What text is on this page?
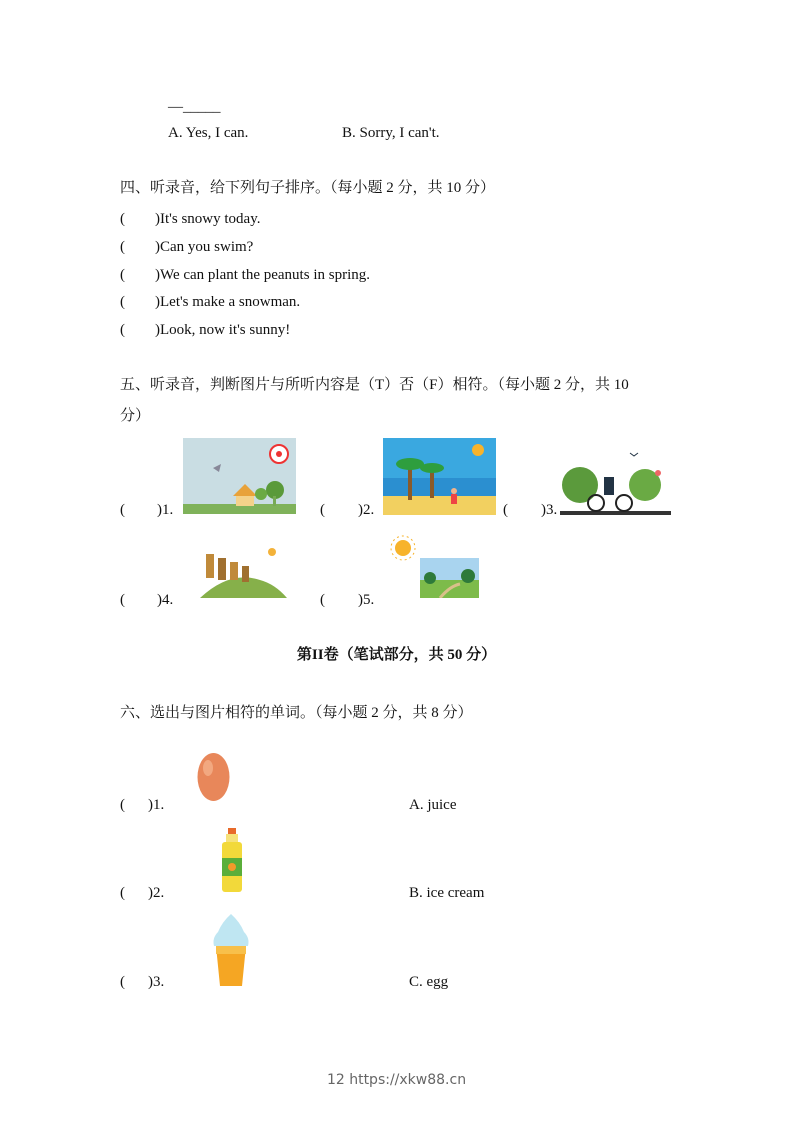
—_____
A. Yes, I can.	B. Sorry, I can't.
四、听录音，给下列句子排序。（每小题 2 分，共 10 分）
( )It's snowy today.
( )Can you swim?
( )We can plant the peanuts in spring.
( )Let's make a snowman.
( )Look, now it's sunny!
五、听录音，判断图片与所听内容是（T）否（F）相符。（每小题 2 分，共 10
分）
( )1.	( )2.	( )3.
( )4.	( )5.
第II卷（笔试部分，共 50 分）
六、选出与图片相符的单词。（每小题 2 分，共 8 分）
( )1.	A. juice
( )2.	B. ice cream
( )3.	C. egg
12 https://xkw88.cn
